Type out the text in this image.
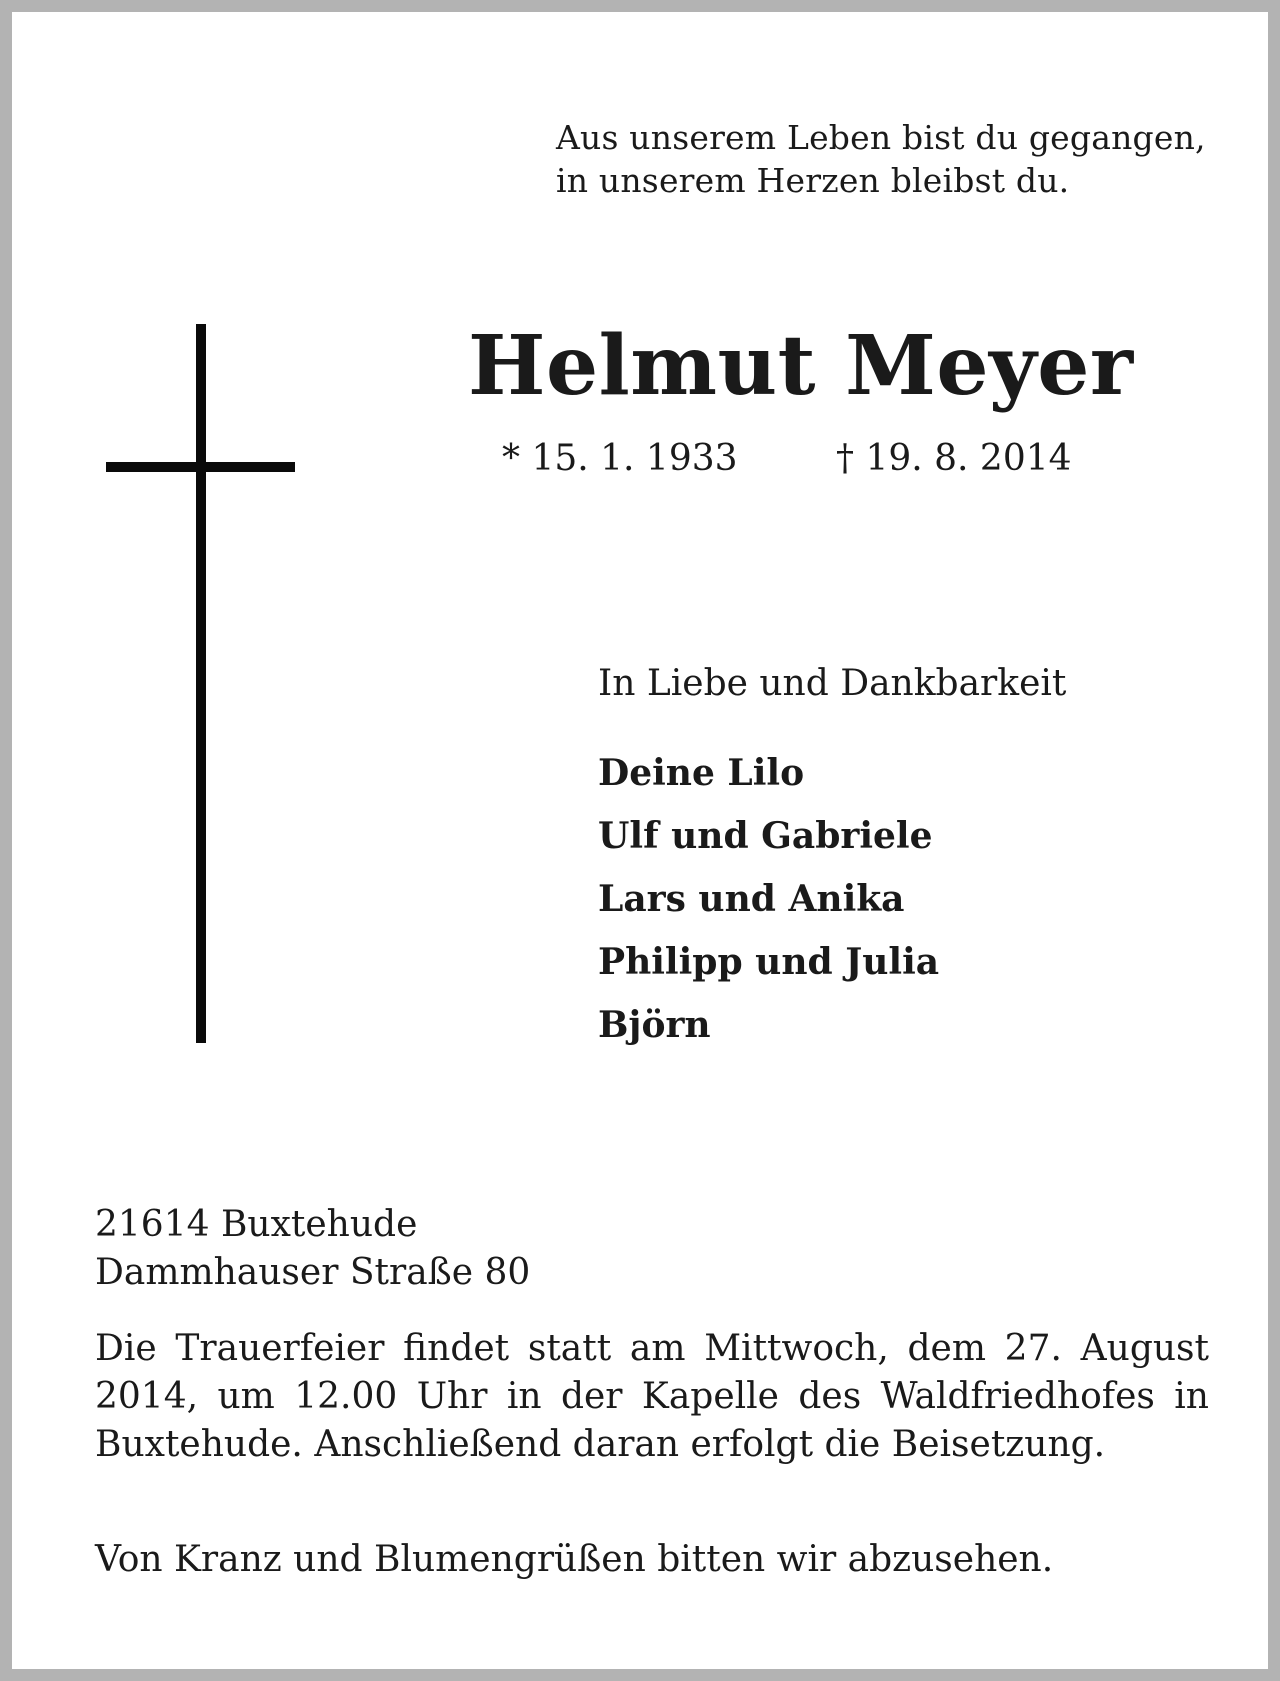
Aus unserem Leben bist du gegangen,
in unserem Herzen bleibst du.
Helmut Meyer
* 15. 1. 1933	† 19. 8. 2014
In Liebe und Dankbarkeit
Deine Lilo
Ulf und Gabriele
Lars und Anika
Philipp und Julia
Björn
21614 Buxtehude
Dammhauser Straße 80
Die Trauerfeier findet statt am Mittwoch, dem 27. August 2014, um 12.00 Uhr in der Kapelle des Waldfriedhofes in Buxtehude. Anschließend daran erfolgt die Beisetzung.
Von Kranz und Blumengrüßen bitten wir abzusehen.
